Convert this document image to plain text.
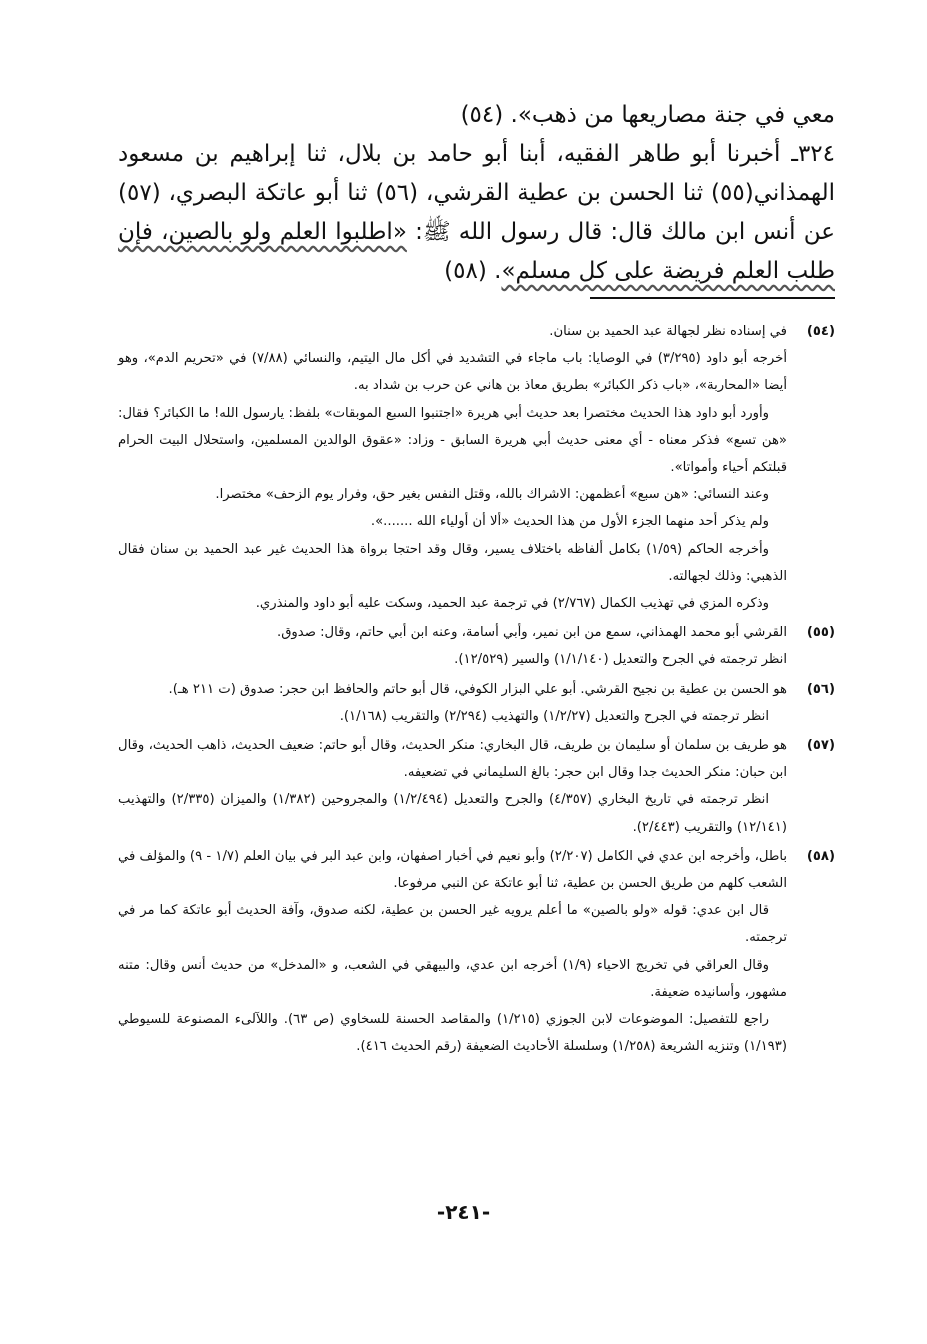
معي في جنة مصاريعها من ذهب». (٥٤)

٣٢٤ـ أخبرنا أبو طاهر الفقيه، أبنا أبو حامد بن بلال، ثنا إبراهيم بن مسعود الهمذاني(٥٥) ثنا الحسن بن عطية القرشي، (٥٦) ثنا أبو عاتكة البصري، (٥٧) عن أنس ابن مالك قال: قال رسول الله ﷺ: «اطلبوا العلم ولو بالصين، فإن طلب العلم فريضة على كل مسلم». (٥٨)

(٥٤)

في إسناده نظر لجهالة عبد الحميد بن سنان.

أخرجه أبو داود (٣/٢٩٥) في الوصايا: باب ماجاء في التشديد في أكل مال اليتيم، والنسائي (٧/٨٨) في «تحريم الدم»، وهو أيضا «المحاربة»، «باب ذكر الكبائر» بطريق معاذ بن هاني عن حرب بن شداد به.

وأورد أبو داود هذا الحديث مختصرا بعد حديث أبي هريرة «اجتنبوا السبع الموبقات» بلفظ: يارسول الله! ما الكبائر؟ فقال: «هن تسع» فذكر معناه - أي معنى حديث أبي هريرة السابق - وزاد: «عقوق الوالدين المسلمين، واستحلال البيت الحرام قبلتكم أحياء وأمواتا».

وعند النسائي: «هن سبع» أعظمهن: الاشراك بالله، وقتل النفس بغير حق، وفرار يوم الزحف» مختصرا.

ولم يذكر أحد منهما الجزء الأول من هذا الحديث «ألا أن أولياء الله .......».

وأخرجه الحاكم (١/٥٩) بكامل ألفاظه باختلاف يسير، وقال وقد احتجا برواة هذا الحديث غير عبد الحميد بن سنان فقال الذهبي: وذلك لجهالته.

وذكره المزي في تهذيب الكمال (٢/٧٦٧) في ترجمة عبد الحميد، وسكت عليه أبو داود والمنذري.

(٥٥)

القرشي أبو محمد الهمذاني، سمع من ابن نمير، وأبي أسامة، وعنه ابن أبي حاتم، وقال: صدوق.

انظر ترجمته في الجرح والتعديل (١/١/١٤٠) والسير (١٢/٥٢٩).

(٥٦)

هو الحسن بن عطية بن نجيح القرشي. أبو علي البزار الكوفي، قال أبو حاتم والحافظ ابن حجر: صدوق (ت ٢١١ هـ).

انظر ترجمته في الجرح والتعديل (١/٢/٢٧) والتهذيب (٢/٢٩٤) والتقريب (١/١٦٨).

(٥٧)

هو طريف بن سلمان أو سليمان بن طريف، قال البخاري: منكر الحديث، وقال أبو حاتم: ضعيف الحديث، ذاهب الحديث، وقال ابن حبان: منكر الحديث جدا وقال ابن حجر: بالغ السليماني في تضعيفه.

انظر ترجمته في تاريخ البخاري (٤/٣٥٧) والجرح والتعديل (١/٢/٤٩٤) والمجروحين (١/٣٨٢) والميزان (٢/٣٣٥) والتهذيب (١٢/١٤١) والتقريب (٢/٤٤٣).

(٥٨)

باطل، وأخرجه ابن عدي في الكامل (٢/٢٠٧) وأبو نعيم في أخبار اصفهان، وابن عبد البر في بيان العلم (١/٧ - ٩) والمؤلف في الشعب كلهم من طريق الحسن بن عطية، ثنا أبو عاتكة عن النبي مرفوعا.

قال ابن عدي: قوله «ولو بالصين» ما أعلم يرويه غير الحسن بن عطية، لكنه صدوق، وآفة الحديث أبو عاتكة كما مر في ترجمته.

وقال العراقي في تخريج الاحياء (١/٩) أخرجه ابن عدي، والبيهقي في الشعب، و «المدخل» من حديث أنس وقال: متنه مشهور، وأسانيده ضعيفة.

راجع للتفصيل: الموضوعات لابن الجوزي (١/٢١٥) والمقاصد الحسنة للسخاوي (ص ٦٣). واللآلىء المصنوعة للسيوطي (١/١٩٣) وتنزيه الشريعة (١/٢٥٨) وسلسلة الأحاديث الضعيفة (رقم الحديث ٤١٦).

-٢٤١-
